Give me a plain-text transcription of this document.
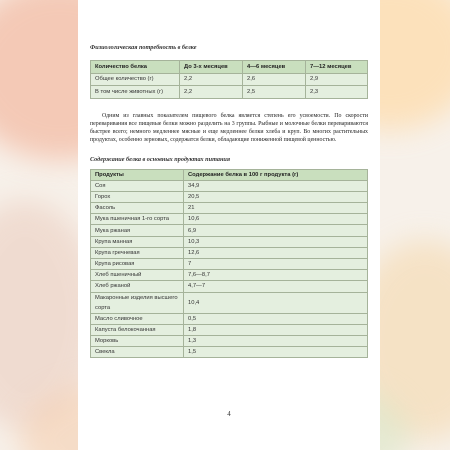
Физиологическая потребность в белке

Количество белка	До 3-х месяцев	4—6 месяцев	7—12 месяцев
Общее количество (г)	2,2	2,6	2,9
В том числе животных (г)	2,2	2,5	2,3

Одним из главных показателем пищевого белка является степень его усвоемости. По скорости переваривания все пищевые белки можно разделить на 3 группы. Рыбные и молочные белки перевариваются быстрее всего; немного медленнее мясные и еще медленнее белки хлеба и круп. Во многих растительных продуктах, особенно зерновых, содержатся белки, обладающие пониженной пищевой ценностью.

Содержание белка в основных продуктах питания

Продукты	Содержание белка в 100 г продукта (г)
Соя	34,9
Горох	20,5
Фасоль	21
Мука пшеничная 1-го сорта	10,6
Мука ржаная	6,9
Крупа манная	10,3
Крупа гречневая	12,6
Крупа рисовая	7
Хлеб пшеничный	7,6—8,7
Хлеб ржаной	4,7—7
Макаронные изделия высшего сорта	10,4
Масло сливочное	0,5
Капуста белокочанная	1,8
Морковь	1,3
Свекла	1,5
4
